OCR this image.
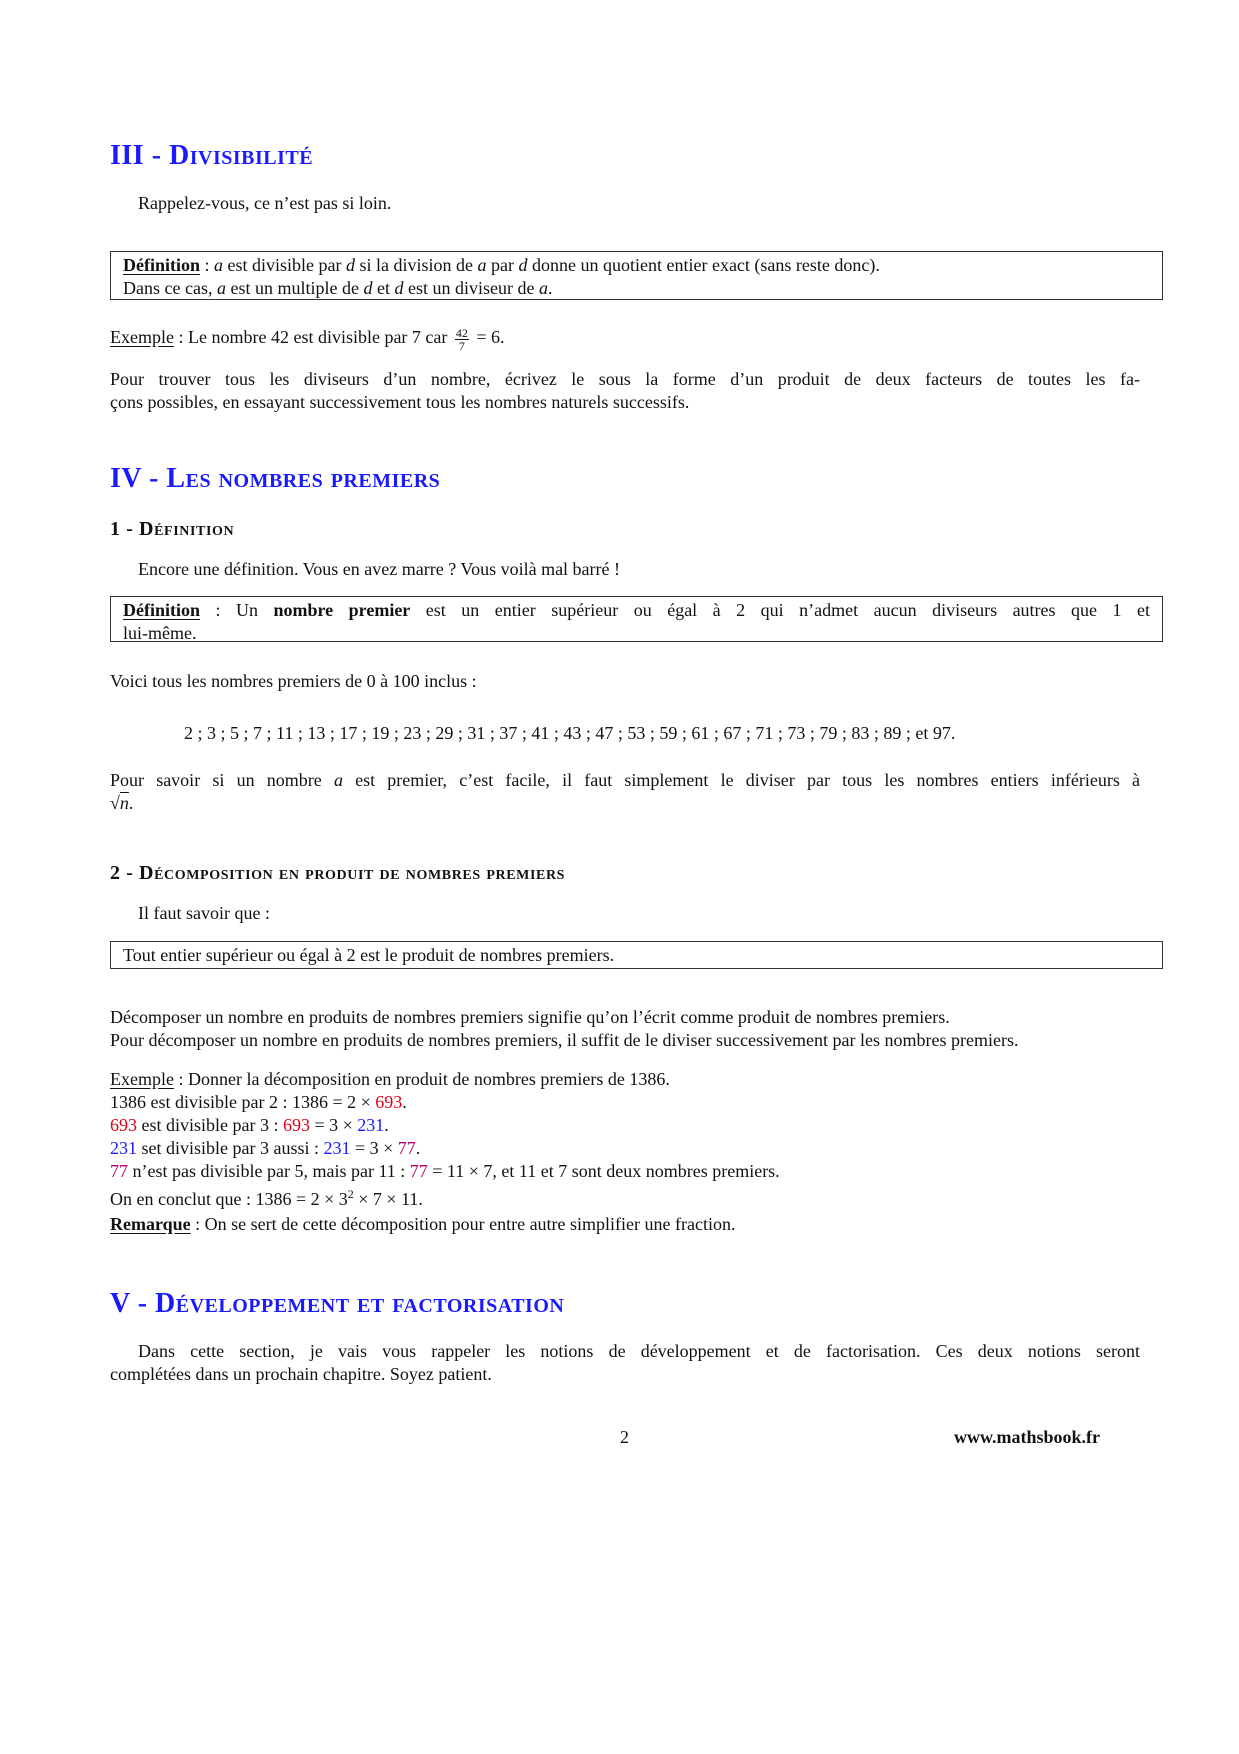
III - Divisibilité
Rappelez-vous, ce n’est pas si loin.
Définition : a est divisible par d si la division de a par d donne un quotient entier exact (sans reste donc).
Dans ce cas, a est un multiple de d et d est un diviseur de a.
Exemple : Le nombre 42 est divisible par 7 car $\frac{42}{7} = 6$.
Pour trouver tous les diviseurs d’un nombre, écrivez le sous la forme d’un produit de deux facteurs de toutes les fa-
çons possibles, en essayant successivement tous les nombres naturels successifs.
IV - Les nombres premiers
1 - Définition
Encore une définition. Vous en avez marre ? Vous voilà mal barré !
Définition : Un nombre premier est un entier supérieur ou égal à 2 qui n’admet aucun diviseurs autres que 1 et
lui-même.
Voici tous les nombres premiers de 0 à 100 inclus :
2 ; 3 ; 5 ; 7 ; 11 ; 13 ; 17 ; 19 ; 23 ; 29 ; 31 ; 37 ; 41 ; 43 ; 47 ; 53 ; 59 ; 61 ; 67 ; 71 ; 73 ; 79 ; 83 ; 89 ; et 97.
Pour savoir si un nombre a est premier, c’est facile, il faut simplement le diviser par tous les nombres entiers inférieurs à
√n.
2 - Décomposition en produit de nombres premiers
Il faut savoir que :
Tout entier supérieur ou égal à 2 est le produit de nombres premiers.
Décomposer un nombre en produits de nombres premiers signifie qu’on l’écrit comme produit de nombres premiers.
Pour décomposer un nombre en produits de nombres premiers, il suffit de le diviser successivement par les nombres premiers.
Exemple : Donner la décomposition en produit de nombres premiers de 1386.
1386 est divisible par 2 : 1386 = 2 × 693.
693 est divisible par 3 : 693 = 3 × 231.
231 set divisible par 3 aussi : 231 = 3 × 77.
77 n’est pas divisible par 5, mais par 11 : 77 = 11 × 7, et 11 et 7 sont deux nombres premiers.
On en conclut que : $1386 = 2 \times 3^2 \times 7 \times 11$.
Remarque : On se sert de cette décomposition pour entre autre simplifier une fraction.
V - Développement et factorisation
Dans cette section, je vais vous rappeler les notions de développement et de factorisation. Ces deux notions seront
complétées dans un prochain chapitre. Soyez patient.
2	www.mathsbook.fr
